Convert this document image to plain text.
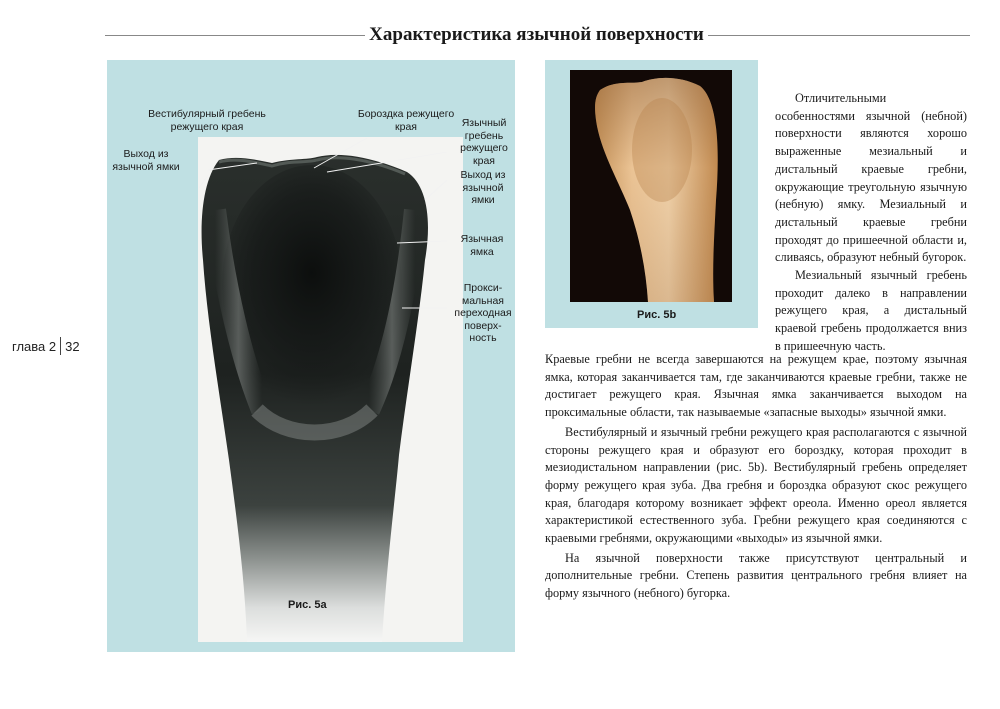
Характеристика язычной поверхности
глава 2 32
Вестибулярный гребень режущего края
Бороздка режущего края	Язычный гребень режущего края
Выход из язычной ямки
Выход из язычной ямки
Язычная ямка
Прокси- мальная переходная поверх- ность
Рис. 5a
Рис. 5b

Отличительными особенностями язычной (небной) поверхности являются хорошо выраженные мезиальный и дистальный краевые гребни, окружающие треугольную язычную (небную) ямку. Мезиальный и дистальный краевые гребни проходят до пришеечной области и, сливаясь, образуют небный бугорок.

Мезиальный язычный гребень проходит далеко в направлении режущего края, а дистальный краевой гребень продолжается вниз в пришеечную часть.

Краевые гребни не всегда завершаются на режущем крае, поэтому язычная ямка, которая заканчивается там, где заканчиваются краевые гребни, также не достигает режущего края. Язычная ямка заканчивается выходом на проксимальные области, так называемые «запасные выходы» язычной ямки.

Вестибулярный и язычный гребни режущего края располагаются с язычной стороны режущего края и образуют его бороздку, которая проходит в мезиодистальном направлении (рис. 5b). Вестибулярный гребень определяет форму режущего края зуба. Два гребня и бороздка образуют скос режущего края, благодаря которому возникает эффект ореола. Именно ореол является характеристикой естественного зуба. Гребни режущего края соединяются с краевыми гребнями, окружающими «выходы» из язычной ямки.

На язычной поверхности также присутствуют центральный и дополнительные гребни. Степень развития центрального гребня влияет на форму язычного (небного) бугорка.
